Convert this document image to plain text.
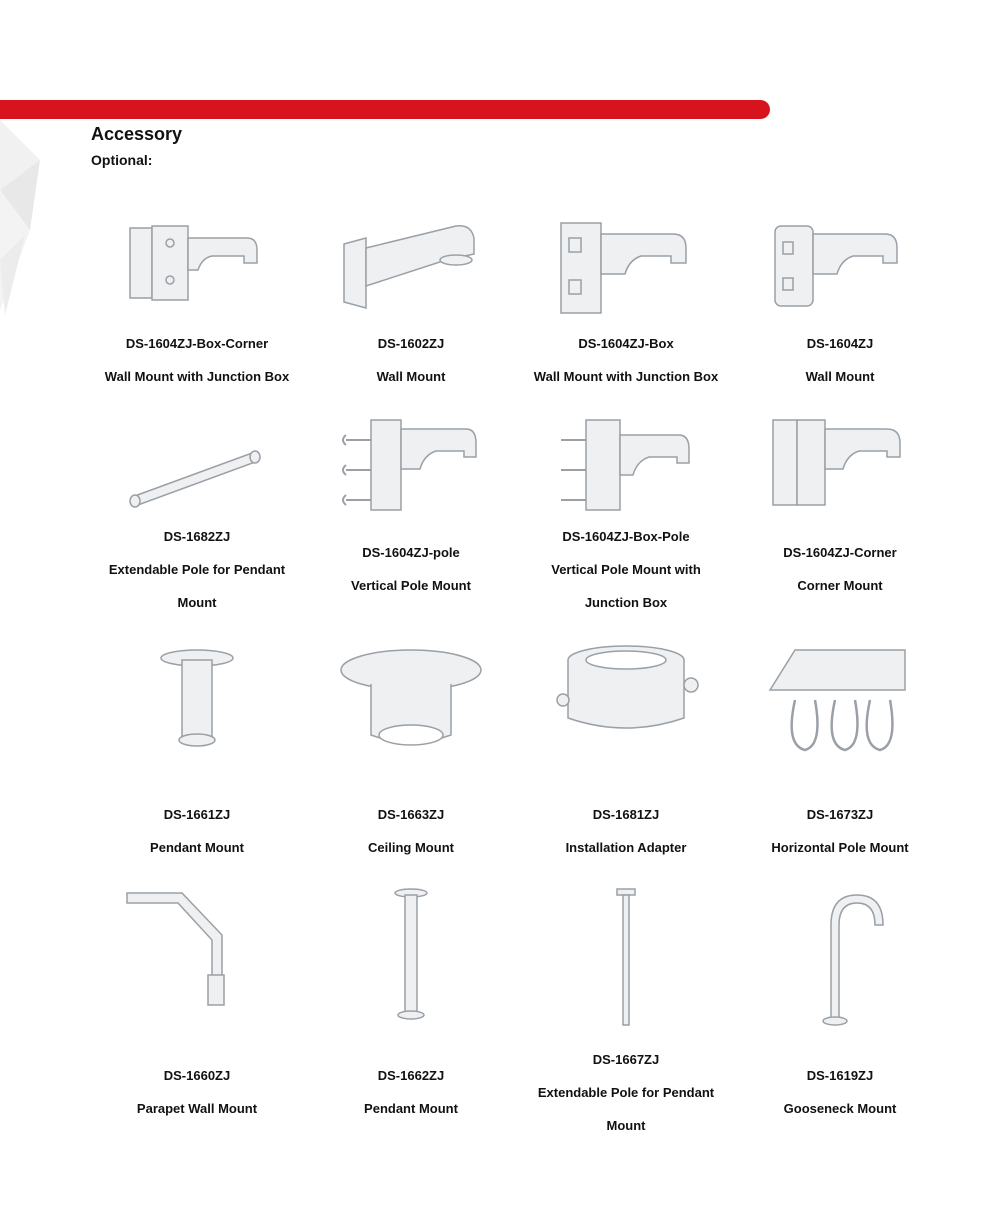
Accessory
Optional:
DS-1604ZJ-Box-Corner
Wall Mount with Junction Box
DS-1602ZJ
Wall Mount
DS-1604ZJ-Box
Wall Mount with Junction Box
DS-1604ZJ
Wall Mount
DS-1682ZJ
Extendable Pole for Pendant
Mount
DS-1604ZJ-pole
Vertical Pole Mount
DS-1604ZJ-Box-Pole
Vertical Pole Mount with
Junction Box
DS-1604ZJ-Corner
Corner Mount
DS-1661ZJ
Pendant Mount
DS-1663ZJ
Ceiling Mount
DS-1681ZJ
Installation Adapter
DS-1673ZJ
Horizontal Pole Mount
DS-1660ZJ
Parapet Wall Mount
DS-1662ZJ
Pendant Mount
DS-1667ZJ
Extendable Pole for Pendant
Mount
DS-1619ZJ
Gooseneck Mount
